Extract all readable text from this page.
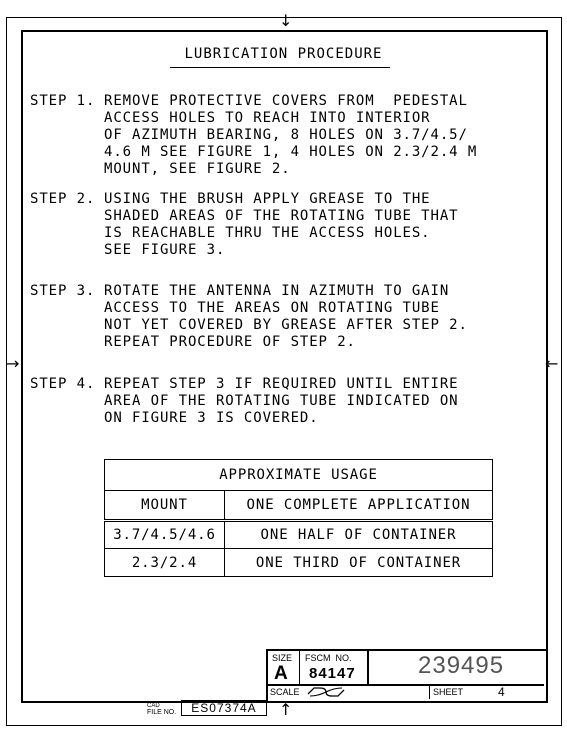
↓
→	←
↑
LUBRICATION PROCEDURE
STEP 1. REMOVE PROTECTIVE COVERS FROM  PEDESTAL
ACCESS HOLES TO REACH INTO INTERIOR
OF AZIMUTH BEARING, 8 HOLES ON 3.7/4.5/
4.6 M SEE FIGURE 1, 4 HOLES ON 2.3/2.4 M
MOUNT, SEE FIGURE 2.
STEP 2. USING THE BRUSH APPLY GREASE TO THE
SHADED AREAS OF THE ROTATING TUBE THAT
IS REACHABLE THRU THE ACCESS HOLES.
SEE FIGURE 3.
STEP 3. ROTATE THE ANTENNA IN AZIMUTH TO GAIN
ACCESS TO THE AREAS ON ROTATING TUBE
NOT YET COVERED BY GREASE AFTER STEP 2.
REPEAT PROCEDURE OF STEP 2.
STEP 4. REPEAT STEP 3 IF REQUIRED UNTIL ENTIRE
AREA OF THE ROTATING TUBE INDICATED ON
ON FIGURE 3 IS COVERED.
APPROXIMATE USAGE	
MOUNT	ONE COMPLETE APPLICATION
3.7/4.5/4.6	ONE HALF OF CONTAINER
2.3/2.4	ONE THIRD OF CONTAINER
SIZE
A
FSCM  NO.
84147	239495
SCALE	SHEET	4
CAD
FILE NO.	ES07374A
